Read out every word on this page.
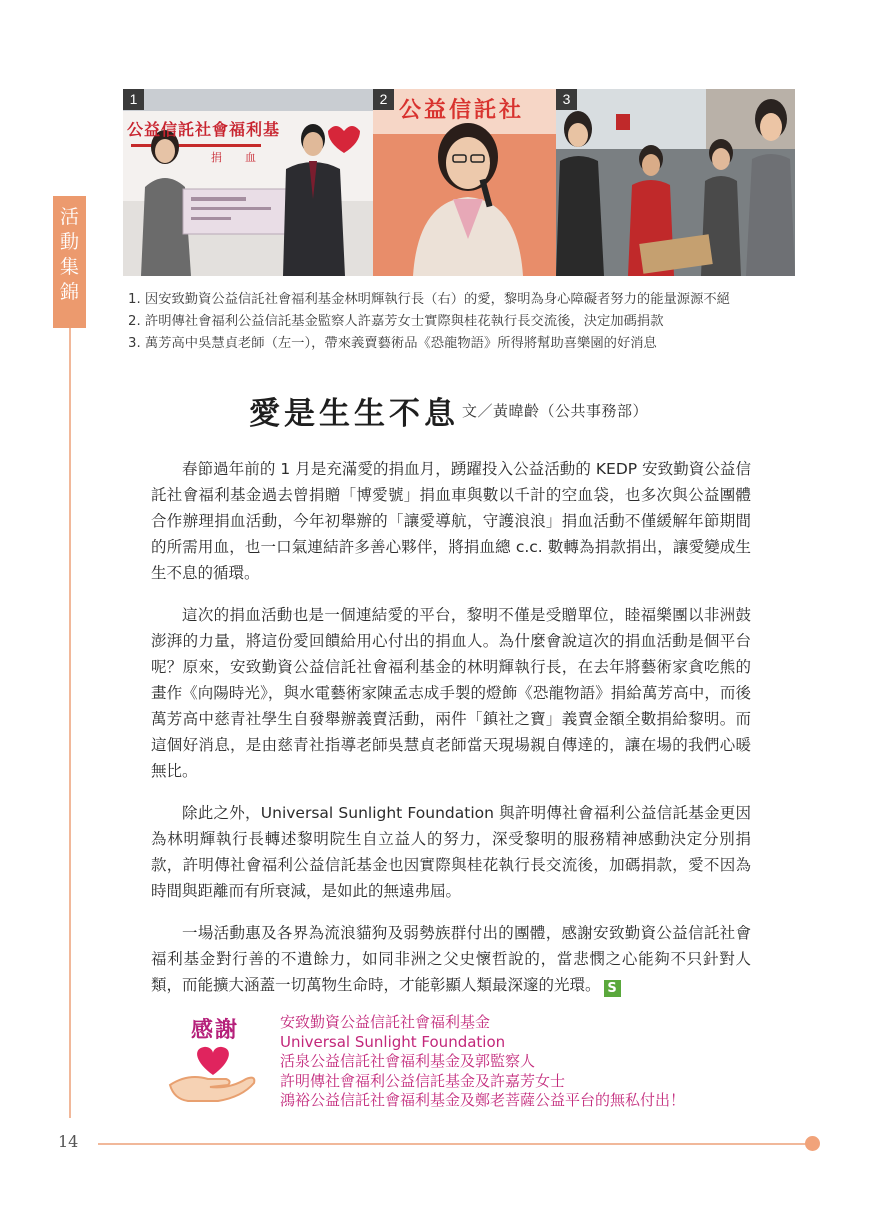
活
動
集
錦
1
公益信託社會福利基
捐　血
2 公益信託社	3
1. 因安致勤資公益信託社會福利基金林明輝執行長（右）的愛，黎明為身心障礙者努力的能量源源不絕
2. 許明傳社會福利公益信託基金監察人許嘉芳女士實際與桂花執行長交流後，決定加碼捐款
3. 萬芳高中吳慧貞老師（左一），帶來義賣藝術品《恐龍物語》所得將幫助喜樂園的好消息
愛是生生不息 文／黃暐齡（公共事務部）

春節過年前的 1 月是充滿愛的捐血月，踴躍投入公益活動的 KEDP 安致勤資公益信託社會福利基金過去曾捐贈「博愛號」捐血車與數以千計的空血袋，也多次與公益團體合作辦理捐血活動，今年初舉辦的「讓愛導航，守護浪浪」捐血活動不僅緩解年節期間的所需用血，也一口氣連結許多善心夥伴，將捐血總 c.c. 數轉為捐款捐出，讓愛變成生生不息的循環。

這次的捐血活動也是一個連結愛的平台，黎明不僅是受贈單位，睦福樂團以非洲鼓澎湃的力量，將這份愛回饋給用心付出的捐血人。為什麼會說這次的捐血活動是個平台呢？原來，安致勤資公益信託社會福利基金的林明輝執行長，在去年將藝術家貪吃熊的畫作《向陽時光》，與水電藝術家陳孟志成手製的燈飾《恐龍物語》捐給萬芳高中，而後萬芳高中慈青社學生自發舉辦義賣活動，兩件「鎮社之寶」義賣金額全數捐給黎明。而這個好消息，是由慈青社指導老師吳慧貞老師當天現場親自傳達的，讓在場的我們心暖無比。

除此之外，Universal Sunlight Foundation 與許明傳社會福利公益信託基金更因為林明輝執行長轉述黎明院生自立益人的努力，深受黎明的服務精神感動決定分別捐款，許明傳社會福利公益信託基金也因實際與桂花執行長交流後，加碼捐款，愛不因為時間與距離而有所衰減，是如此的無遠弗屆。

一場活動惠及各界為流浪貓狗及弱勢族群付出的團體，感謝安致勤資公益信託社會福利基金對行善的不遺餘力，如同非洲之父史懷哲說的，當悲憫之心能夠不只針對人類，而能擴大涵蓋一切萬物生命時，才能彰顯人類最深邃的光環。 S

感謝	安致勤資公益信託社會福利基金
Universal Sunlight Foundation
活泉公益信託社會福利基金及郭監察人
許明傳社會福利公益信託基金及許嘉芳女士
鴻裕公益信託社會福利基金及鄭老菩薩公益平台的無私付出！
14
